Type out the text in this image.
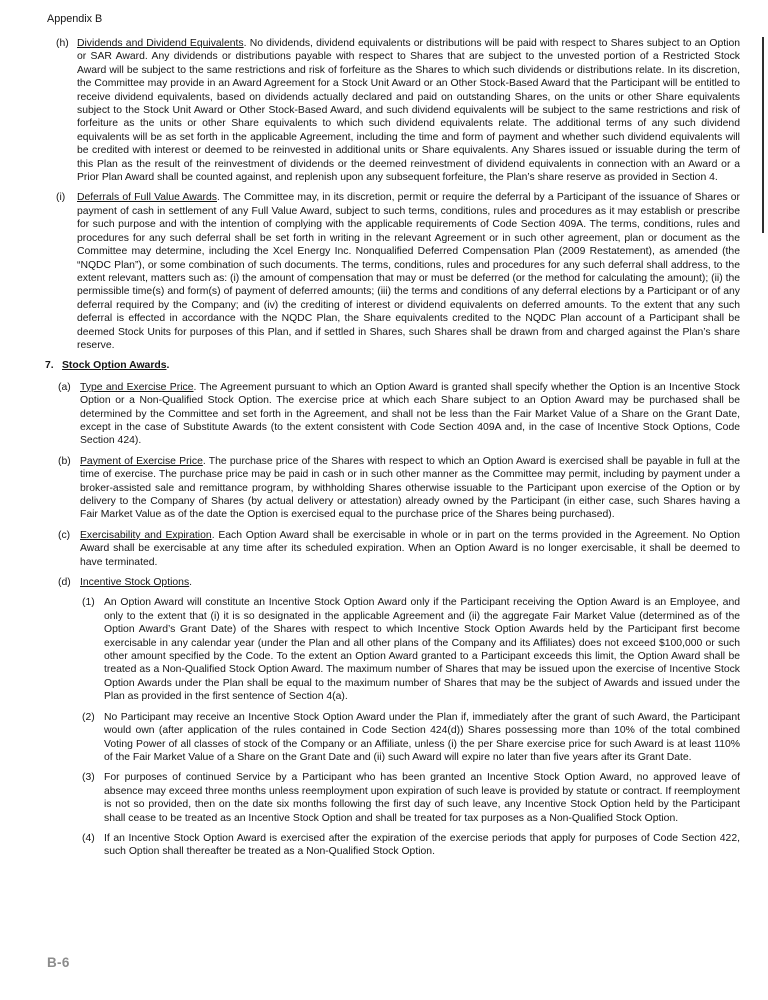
Appendix B
(h) Dividends and Dividend Equivalents. No dividends, dividend equivalents or distributions will be paid with respect to Shares subject to an Option or SAR Award. Any dividends or distributions payable with respect to Shares that are subject to the unvested portion of a Restricted Stock Award will be subject to the same restrictions and risk of forfeiture as the Shares to which such dividends or distributions relate. In its discretion, the Committee may provide in an Award Agreement for a Stock Unit Award or an Other Stock-Based Award that the Participant will be entitled to receive dividend equivalents, based on dividends actually declared and paid on outstanding Shares, on the units or other Share equivalents subject to the Stock Unit Award or Other Stock-Based Award, and such dividend equivalents will be subject to the same restrictions and risk of forfeiture as the units or other Share equivalents to which such dividend equivalents relate. The additional terms of any such dividend equivalents will be as set forth in the applicable Agreement, including the time and form of payment and whether such dividend equivalents will be credited with interest or deemed to be reinvested in additional units or Share equivalents. Any Shares issued or issuable during the term of this Plan as the result of the reinvestment of dividends or the deemed reinvestment of dividend equivalents in connection with an Award or a Prior Plan Award shall be counted against, and replenish upon any subsequent forfeiture, the Plan’s share reserve as provided in Section 4.
(i)	Deferrals of Full Value Awards. The Committee may, in its discretion, permit or require the deferral by a Participant of the issuance of Shares or payment of cash in settlement of any Full Value Award, subject to such terms, conditions, rules and procedures as it may establish or prescribe for such purpose and with the intention of complying with the applicable requirements of Code Section 409A. The terms, conditions, rules and procedures for any such deferral shall be set forth in writing in the relevant Agreement or in such other agreement, plan or document as the Committee may determine, including the Xcel Energy Inc. Nonqualified Deferred Compensation Plan (2009 Restatement), as amended (the “NQDC Plan”), or some combination of such documents. The terms, conditions, rules and procedures for any such deferral shall address, to the extent relevant, matters such as: (i) the amount of compensation that may or must be deferred (or the method for calculating the amount); (ii) the permissible time(s) and form(s) of payment of deferred amounts; (iii) the terms and conditions of any deferral elections by a Participant or of any deferral required by the Company; and (iv) the crediting of interest or dividend equivalents on deferred amounts. To the extent that any such deferral is effected in accordance with the NQDC Plan, the Share equivalents credited to the NQDC Plan account of a Participant shall be deemed Stock Units for purposes of this Plan, and if settled in Shares, such Shares shall be drawn from and charged against the Plan’s share reserve.
7. Stock Option Awards.
(a) Type and Exercise Price. The Agreement pursuant to which an Option Award is granted shall specify whether the Option is an Incentive Stock Option or a Non-Qualified Stock Option. The exercise price at which each Share subject to an Option Award may be purchased shall be determined by the Committee and set forth in the Agreement, and shall not be less than the Fair Market Value of a Share on the Grant Date, except in the case of Substitute Awards (to the extent consistent with Code Section 409A and, in the case of Incentive Stock Options, Code Section 424).
(b) Payment of Exercise Price. The purchase price of the Shares with respect to which an Option Award is exercised shall be payable in full at the time of exercise. The purchase price may be paid in cash or in such other manner as the Committee may permit, including by payment under a broker-assisted sale and remittance program, by withholding Shares otherwise issuable to the Participant upon exercise of the Option or by delivery to the Company of Shares (by actual delivery or attestation) already owned by the Participant (in either case, such Shares having a Fair Market Value as of the date the Option is exercised equal to the purchase price of the Shares being purchased).
(c) Exercisability and Expiration. Each Option Award shall be exercisable in whole or in part on the terms provided in the Agreement. No Option Award shall be exercisable at any time after its scheduled expiration. When an Option Award is no longer exercisable, it shall be deemed to have terminated.
(d) Incentive Stock Options.
(1) An Option Award will constitute an Incentive Stock Option Award only if the Participant receiving the Option Award is an Employee, and only to the extent that (i) it is so designated in the applicable Agreement and (ii) the aggregate Fair Market Value (determined as of the Option Award’s Grant Date) of the Shares with respect to which Incentive Stock Option Awards held by the Participant first become exercisable in any calendar year (under the Plan and all other plans of the Company and its Affiliates) does not exceed $100,000 or such other amount specified by the Code. To the extent an Option Award granted to a Participant exceeds this limit, the Option Award shall be treated as a Non-Qualified Stock Option Award. The maximum number of Shares that may be issued upon the exercise of Incentive Stock Option Awards under the Plan shall be equal to the maximum number of Shares that may be the subject of Awards and issued under the Plan as provided in the first sentence of Section 4(a).
(2) No Participant may receive an Incentive Stock Option Award under the Plan if, immediately after the grant of such Award, the Participant would own (after application of the rules contained in Code Section 424(d)) Shares possessing more than 10% of the total combined Voting Power of all classes of stock of the Company or an Affiliate, unless (i) the per Share exercise price for such Award is at least 110% of the Fair Market Value of a Share on the Grant Date and (ii) such Award will expire no later than five years after its Grant Date.
(3) For purposes of continued Service by a Participant who has been granted an Incentive Stock Option Award, no approved leave of absence may exceed three months unless reemployment upon expiration of such leave is provided by statute or contract. If reemployment is not so provided, then on the date six months following the first day of such leave, any Incentive Stock Option held by the Participant shall cease to be treated as an Incentive Stock Option and shall be treated for tax purposes as a Non-Qualified Stock Option.
(4) If an Incentive Stock Option Award is exercised after the expiration of the exercise periods that apply for purposes of Code Section 422, such Option shall thereafter be treated as a Non-Qualified Stock Option.
B-6
